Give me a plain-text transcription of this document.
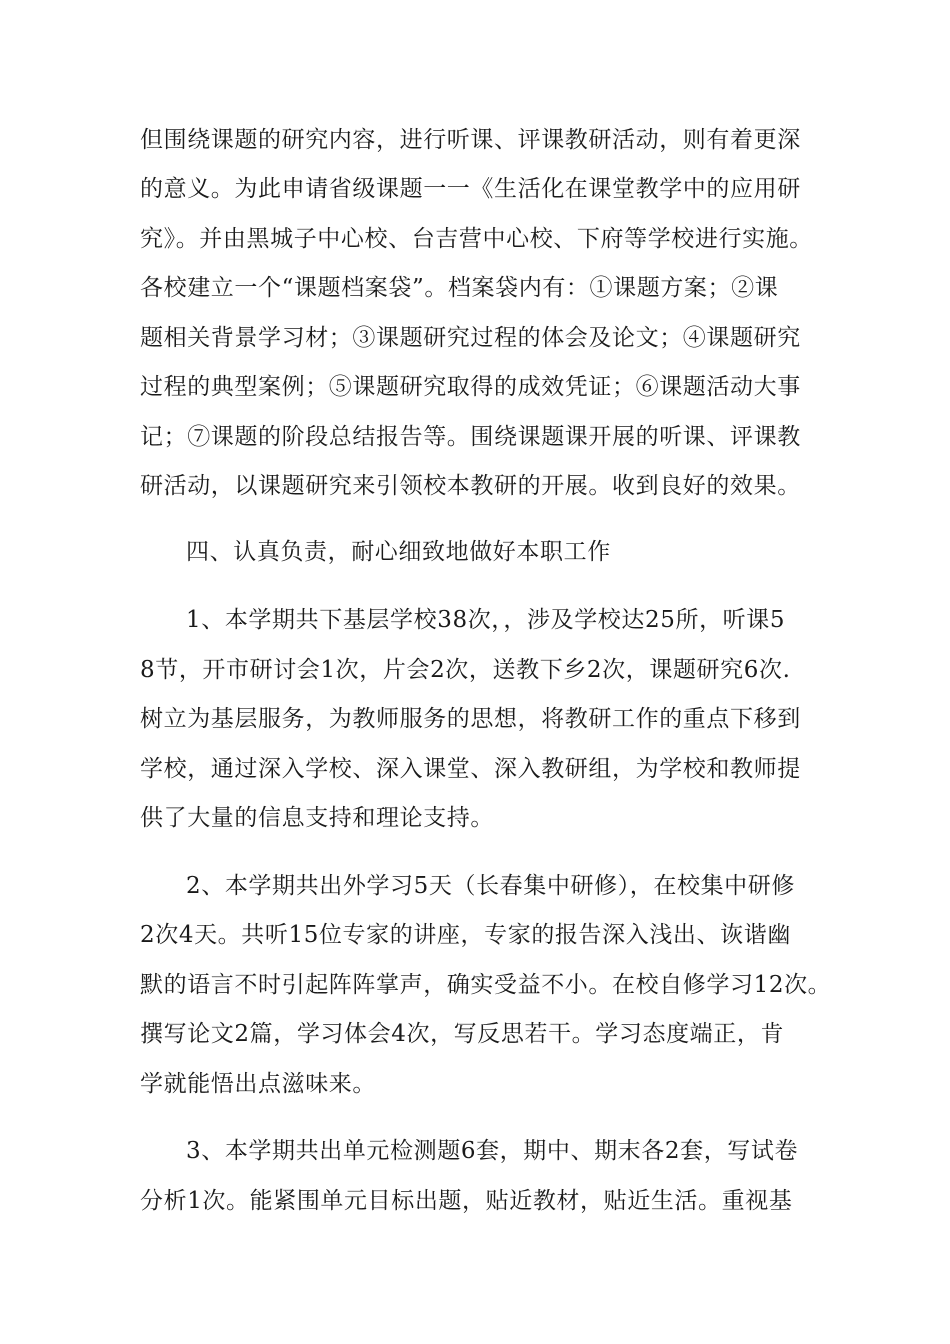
但围绕课题的研究内容，进行听课、评课教研活动，则有着更深
的意义。为此申请省级课题一一《生活化在课堂教学中的应用研
究》。并由黑城子中心校、台吉营中心校、下府等学校进行实施。
各校建立一个“课题档案袋”。档案袋内有：①课题方案；②课
题相关背景学习材；③课题研究过程的体会及论文；④课题研究
过程的典型案例；⑤课题研究取得的成效凭证；⑥课题活动大事
记；⑦课题的阶段总结报告等。围绕课题课开展的听课、评课教
研活动，以课题研究来引领校本教研的开展。收到良好的效果。
四、认真负责，耐心细致地做好本职工作
1、本学期共下基层学校38次，，涉及学校达25所，听课5
8节，开市研讨会1次，片会2次，送教下乡2次，课题研究6次.
树立为基层服务，为教师服务的思想，将教研工作的重点下移到
学校，通过深入学校、深入课堂、深入教研组，为学校和教师提
供了大量的信息支持和理论支持。
2、本学期共出外学习5天（长春集中研修），在校集中研修
2次4天。共听15位专家的讲座，专家的报告深入浅出、诙谐幽
默的语言不时引起阵阵掌声，确实受益不小。在校自修学习12次。
撰写论文2篇，学习体会4次，写反思若干。学习态度端正，肯
学就能悟出点滋味来。
3、本学期共出单元检测题6套，期中、期末各2套，写试卷
分析1次。能紧围单元目标出题，贴近教材，贴近生活。重视基
